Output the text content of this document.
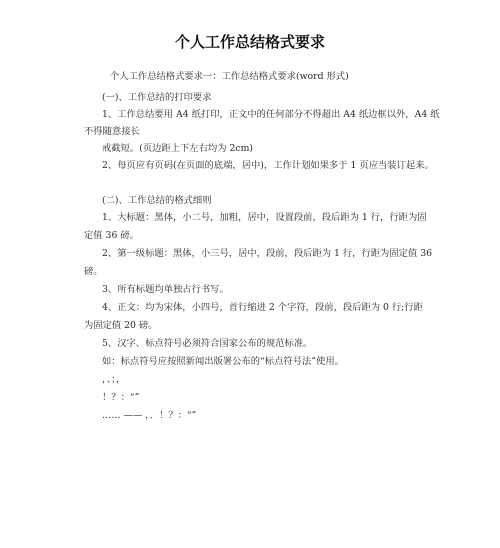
个人工作总结格式要求
个人工作总结格式要求一：工作总结格式要求(word 形式)
(一)、工作总结的打印要求
1、工作总结要用 A4 纸打印，正文中的任何部分不得超出 A4 纸边框以外，A4 纸
不得随意接长
戒截短。(页边距上下左右均为 2cm)
2、每页应有页码(在页面的底端，居中)，工作计划如果多于 1 页应当装订起来。
(二)、工作总结的格式细则
1、大标题：黑体，小二号，加粗，居中，设置段前，段后距为 1 行，行距为固
定值 36 磅。
2、第一级标题：黑体，小三号，居中，段前，段后距为 1 行，行距为固定值 36
磅。
3、所有标题均单独占行书写。
4、正文：均为宋体，小四号，首行缩进 2 个字符，段前，段后距为 0 行;行距
为固定值 20 磅。
5、汉字、标点符号必须符合国家公布的规范标准。
如：标点符号应按照新闻出版署公布的“标点符号法”使用。
，、；，
！？：“”
…… —— ，．！？：“”
